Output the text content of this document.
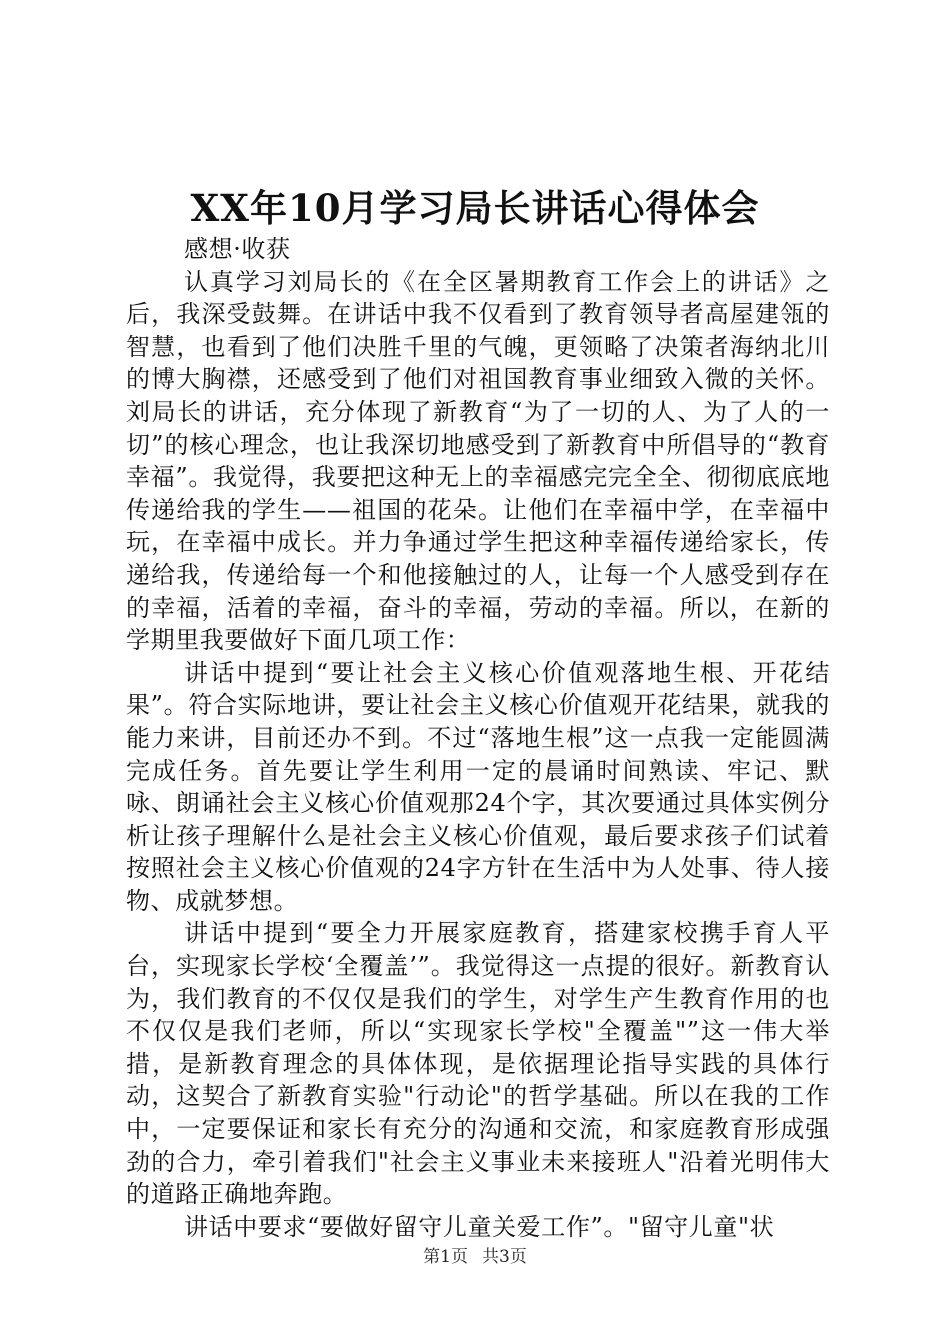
XX年10月学习局长讲话心得体会

感想·收获

认真学习刘局长的《在全区暑期教育工作会上的讲话》之后，我深受鼓舞。在讲话中我不仅看到了教育领导者高屋建瓴的智慧，也看到了他们决胜千里的气魄，更领略了决策者海纳北川的博大胸襟，还感受到了他们对祖国教育事业细致入微的关怀。刘局长的讲话，充分体现了新教育“为了一切的人、为了人的一切”的核心理念，也让我深切地感受到了新教育中所倡导的“教育幸福”。我觉得，我要把这种无上的幸福感完完全全、彻彻底底地传递给我的学生——祖国的花朵。让他们在幸福中学，在幸福中玩，在幸福中成长。并力争通过学生把这种幸福传递给家长，传递给我，传递给每一个和他接触过的人，让每一个人感受到存在的幸福，活着的幸福，奋斗的幸福，劳动的幸福。所以，在新的学期里我要做好下面几项工作：

讲话中提到“要让社会主义核心价值观落地生根、开花结果”。符合实际地讲，要让社会主义核心价值观开花结果，就我的能力来讲，目前还办不到。不过“落地生根”这一点我一定能圆满完成任务。首先要让学生利用一定的晨诵时间熟读、牢记、默咏、朗诵社会主义核心价值观那24个字，其次要通过具体实例分析让孩子理解什么是社会主义核心价值观，最后要求孩子们试着按照社会主义核心价值观的24字方针在生活中为人处事、待人接物、成就梦想。

讲话中提到“要全力开展家庭教育，搭建家校携手育人平台，实现家长学校‘全覆盖’”。我觉得这一点提的很好。新教育认为，我们教育的不仅仅是我们的学生，对学生产生教育作用的也不仅仅是我们老师，所以“实现家长学校"全覆盖"”这一伟大举措，是新教育理念的具体体现，是依据理论指导实践的具体行动，这契合了新教育实验"行动论"的哲学基础。所以在我的工作中，一定要保证和家长有充分的沟通和交流，和家庭教育形成强劲的合力，牵引着我们"社会主义事业未来接班人"沿着光明伟大的道路正确地奔跑。

讲话中要求“要做好留守儿童关爱工作”。"留守儿童"状

第1页 共3页
